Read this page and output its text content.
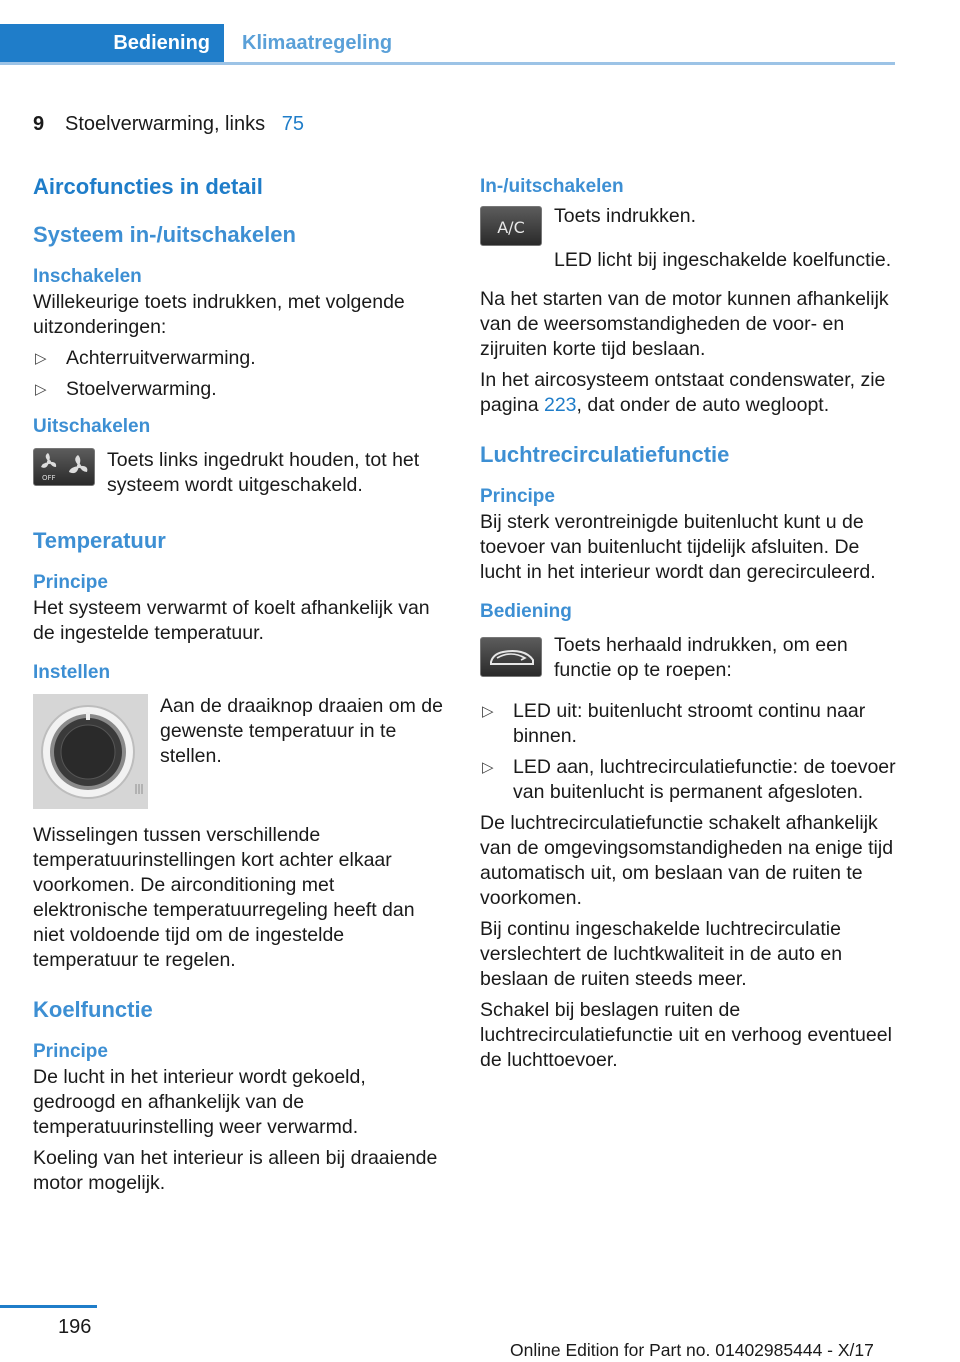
Bediening	Klimaatregeling
9 Stoelverwarming, links 75
Aircofuncties in detail
Systeem in-/uitschakelen
Inschakelen

Willekeurige toets indrukken, met volgende uitzonderingen:

▷ Achterruitverwarming.
▷ Stoelverwarming.
Uitschakelen
OFF

Toets links ingedrukt houden, tot het systeem wordt uitgeschakeld.

Temperatuur
Principe

Het systeem verwarmt of koelt afhankelijk van de ingestelde temperatuur.

Instellen

Aan de draaiknop draaien om de gewenste temperatuur in te stellen.

Wisselingen tussen verschillende temperatuurinstellingen kort achter elkaar voorkomen. De airconditioning met elektronische temperatuurregeling heeft dan niet voldoende tijd om de ingestelde temperatuur te regelen.

Koelfunctie
Principe

De lucht in het interieur wordt gekoeld, gedroogd en afhankelijk van de temperatuurinstelling weer verwarmd.

Koeling van het interieur is alleen bij draaiende motor mogelijk.

In-/uitschakelen
A/C

Toets indrukken.

LED licht bij ingeschakelde koelfunctie.

Na het starten van de motor kunnen afhankelijk van de weersomstandigheden de voor- en zijruiten korte tijd beslaan.

In het aircosysteem ontstaat condenswater, zie pagina 223, dat onder de auto wegloopt.

Luchtrecirculatiefunctie
Principe

Bij sterk verontreinigde buitenlucht kunt u de toevoer van buitenlucht tijdelijk afsluiten. De lucht in het interieur wordt dan gerecirculeerd.

Bediening

Toets herhaald indrukken, om een functie op te roepen:

▷ LED uit: buitenlucht stroomt continu naar binnen.
▷ LED aan, luchtrecirculatiefunctie: de toevoer van buitenlucht is permanent afgesloten.

De luchtrecirculatiefunctie schakelt afhankelijk van de omgevingsomstandigheden na enige tijd automatisch uit, om beslaan van de ruiten te voorkomen.

Bij continu ingeschakelde luchtrecirculatie verslechtert de luchtkwaliteit in de auto en beslaan de ruiten steeds meer.

Schakel bij beslagen ruiten de luchtrecirculatiefunctie uit en verhoog eventueel de luchttoevoer.

196
Online Edition for Part no. 01402985444 - X/17
